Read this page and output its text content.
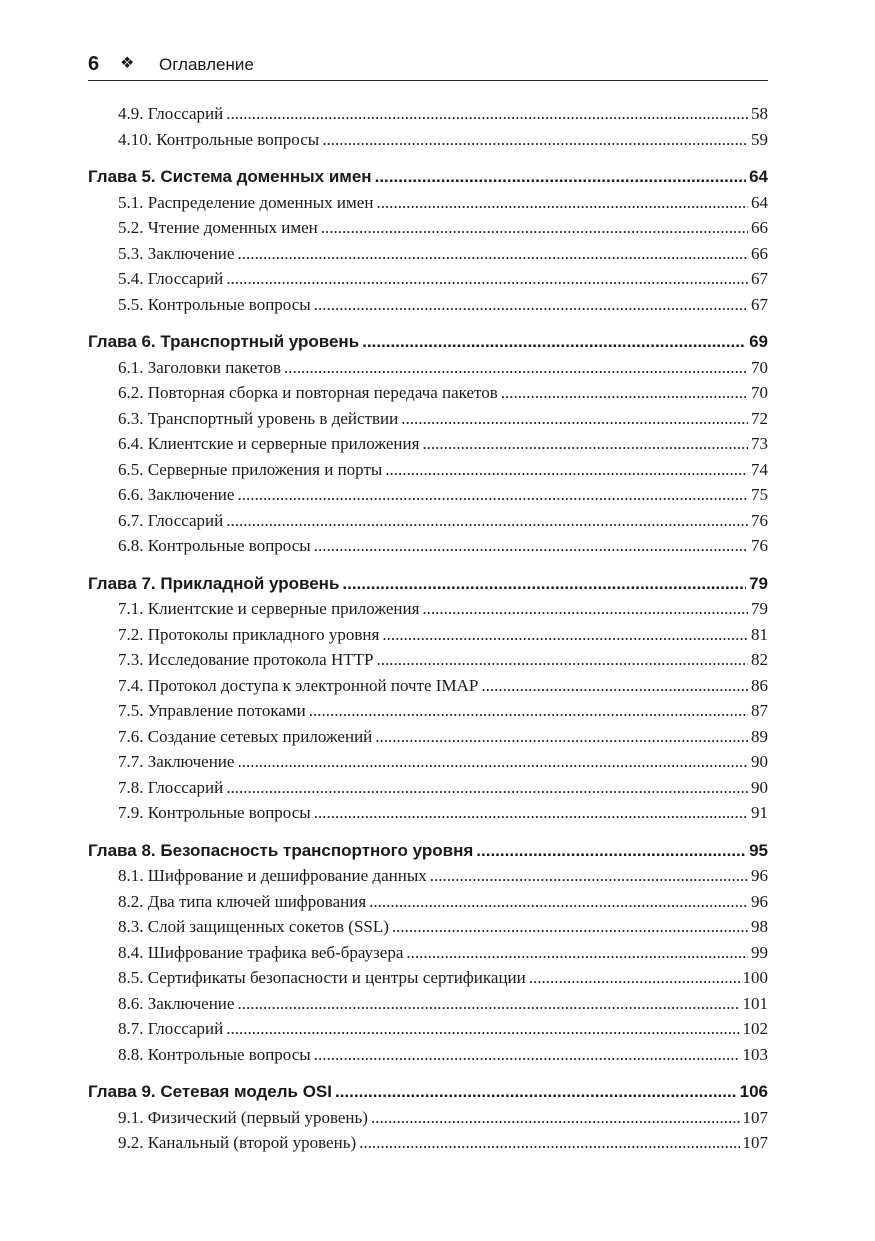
6 ❖ Оглавление
4.9. Глоссарий .....	58
4.10. Контрольные вопросы .....	59
Глава 5. Система доменных имен .....	64
5.1. Распределение доменных имен .....	64
5.2. Чтение доменных имен .....	66
5.3. Заключение .....	66
5.4. Глоссарий .....	67
5.5. Контрольные вопросы .....	67
Глава 6. Транспортный уровень .....	69
6.1. Заголовки пакетов .....	70
6.2. Повторная сборка и повторная передача пакетов .....	70
6.3. Транспортный уровень в действии .....	72
6.4. Клиентские и серверные приложения .....	73
6.5. Серверные приложения и порты .....	74
6.6. Заключение .....	75
6.7. Глоссарий .....	76
6.8. Контрольные вопросы .....	76
Глава 7. Прикладной уровень .....	79
7.1. Клиентские и серверные приложения .....	79
7.2. Протоколы прикладного уровня .....	81
7.3. Исследование протокола HTTP .....	82
7.4. Протокол доступа к электронной почте IMAP .....	86
7.5. Управление потоками .....	87
7.6. Создание сетевых приложений .....	89
7.7. Заключение .....	90
7.8. Глоссарий .....	90
7.9. Контрольные вопросы .....	91
Глава 8. Безопасность транспортного уровня .....	95
8.1. Шифрование и дешифрование данных .....	96
8.2. Два типа ключей шифрования .....	96
8.3. Слой защищенных сокетов (SSL) .....	98
8.4. Шифрование трафика веб-браузера .....	99
8.5. Сертификаты безопасности и центры сертификации .....	100
8.6. Заключение .....	101
8.7. Глоссарий .....	102
8.8. Контрольные вопросы .....	103
Глава 9. Сетевая модель OSI .....	106
9.1. Физический (первый уровень) .....	107
9.2. Канальный (второй уровень) .....	107
